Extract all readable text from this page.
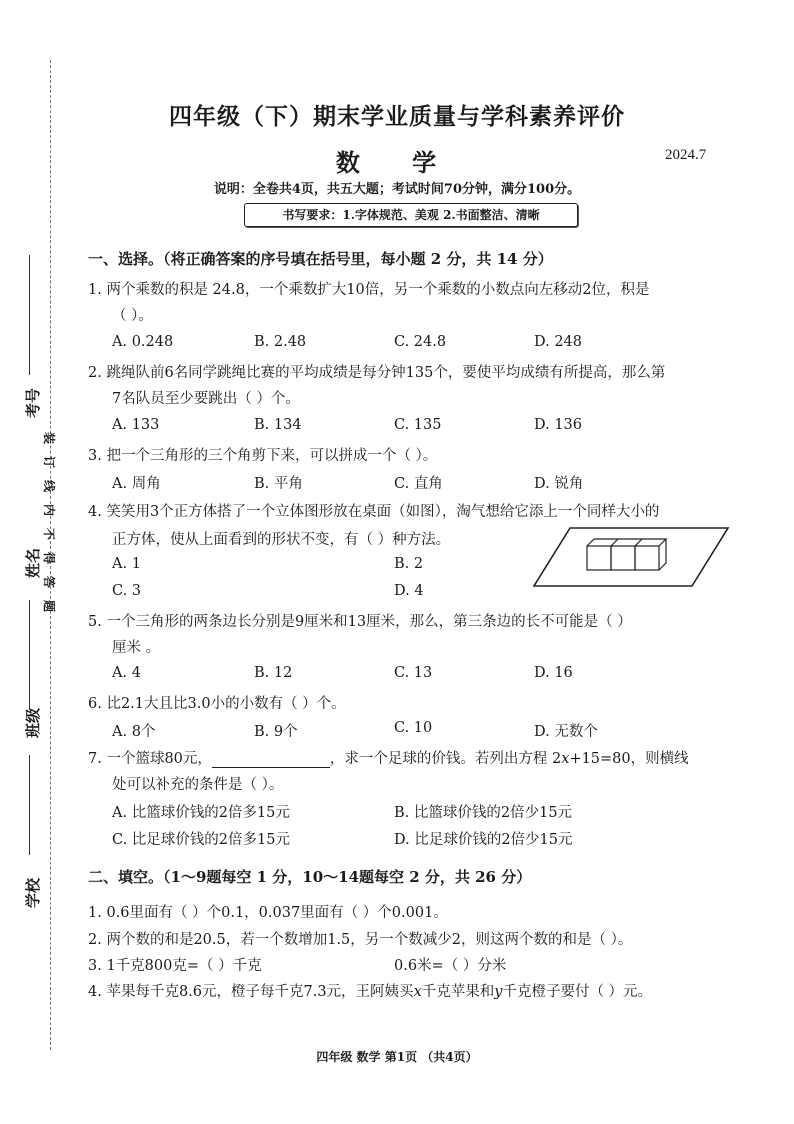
考号
姓名
班级
学校
装订线内不得答题
四年级（下）期末学业质量与学科素养评价
数 学	2024.7
说明：全卷共4页，共五大题；考试时间70分钟，满分100分。
书写要求：1.字体规范、美观 2.书面整洁、清晰
一、选择。（将正确答案的序号填在括号里，每小题 2 分，共 14 分）
1. 两个乘数的积是 24.8，一个乘数扩大10倍，另一个乘数的小数点向左移动2位，积是
（ ）。
A. 0.248	B. 2.48	C. 24.8	D. 248
2. 跳绳队前6名同学跳绳比赛的平均成绩是每分钟135个，要使平均成绩有所提高，那么第
7名队员至少要跳出（ ）个。
A. 133	B. 134	C. 135	D. 136
3. 把一个三角形的三个角剪下来，可以拼成一个（ ）。
A. 周角	B. 平角	C. 直角	D. 锐角
4. 笑笑用3个正方体搭了一个立体图形放在桌面（如图），淘气想给它添上一个同样大小的
正方体，使从上面看到的形状不变，有（ ）种方法。
A. 1	B. 2
C. 3	D. 4
5. 一个三角形的两条边长分别是9厘米和13厘米，那么，第三条边的长不可能是（ ）
厘米 。
A. 4	B. 12	C. 13	D. 16
6. 比2.1大且比3.0小的小数有（ ）个。
A. 8个	B. 9个	C. 10	D. 无数个
7. 一个篮球80元，	，求一个足球的价钱。若列出方程 2x+15=80，则横线
处可以补充的条件是（ ）。
A. 比篮球价钱的2倍多15元	B. 比篮球价钱的2倍少15元
C. 比足球价钱的2倍多15元	D. 比足球价钱的2倍少15元
二、填空。（1～9题每空 1 分，10～14题每空 2 分，共 26 分）
1. 0.6里面有（ ）个0.1，0.037里面有（ ）个0.001。
2. 两个数的和是20.5，若一个数增加1.5，另一个数减少2，则这两个数的和是（ ）。
3. 1千克800克=（ ）千克	0.6米=（ ）分米
4. 苹果每千克8.6元，橙子每千克7.3元，王阿姨买x千克苹果和y千克橙子要付（ ）元。
四年级 数学 第1页 （共4页）
